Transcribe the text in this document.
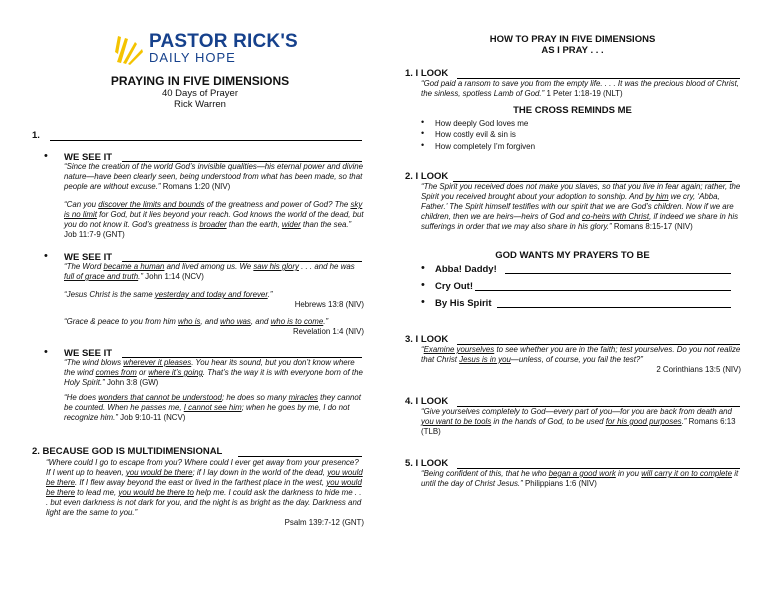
PASTOR RICK'S
DAILY HOPE
PRAYING IN FIVE DIMENSIONS
40 Days of Prayer
Rick Warren
1.
• WE SEE IT
“Since the creation of the world God’s invisible qualities—his eternal power and divine nature—have been clearly seen, being understood from what has been made, so that people are without excuse.” Romans 1:20 (NIV)
“Can you discover the limits and bounds of the greatness and power of God? The sky is no limit for God, but it lies beyond your reach. God knows the world of the dead, but you do not know it. God’s greatness is broader than the earth, wider than the sea.” Job 11:7-9 (GNT)
• WE SEE IT
“The Word became a human and lived among us. We saw his glory . . . and he was full of grace and truth.” John 1:14 (NCV)
“Jesus Christ is the same yesterday and today and forever.”
Hebrews 13:8 (NIV)
“Grace & peace to you from him who is, and who was, and who is to come.”
Revelation 1:4 (NIV)
• WE SEE IT
“The wind blows wherever it pleases. You hear its sound, but you don’t know where the wind comes from or where it’s going. That’s the way it is with everyone born of the Holy Spirit.” John 3:8 (GW)
“He does wonders that cannot be understood; he does so many miracles they cannot be counted. When he passes me, I cannot see him; when he goes by me, I do not recognize him.” Job 9:10-11 (NCV)
2. BECAUSE GOD IS MULTIDIMENSIONAL
“Where could I go to escape from you? Where could I ever get away from your presence? If I went up to heaven, you would be there; if I lay down in the world of the dead, you would be there. If I flew away beyond the east or lived in the farthest place in the west, you would be there to lead me, you would be there to help me. I could ask the darkness to hide me . . . but even darkness is not dark for you, and the night is as bright as the day. Darkness and light are the same to you.”
Psalm 139:7-12 (GNT)
HOW TO PRAY IN FIVE DIMENSIONS
AS I PRAY . . .
1. I LOOK
“God paid a ransom to save you from the empty life. . . . It was the precious blood of Christ, the sinless, spotless Lamb of God.” 1 Peter 1:18-19 (NLT)
THE CROSS REMINDS ME
• How deeply God loves me
• How costly evil & sin is
• How completely I’m forgiven
2. I LOOK
“The Spirit you received does not make you slaves, so that you live in fear again; rather, the Spirit you received brought about your adoption to sonship. And by him we cry, ‘Abba, Father.’ The Spirit himself testifies with our spirit that we are God’s children. Now if we are children, then we are heirs—heirs of God and co-heirs with Christ, if indeed we share in his sufferings in order that we may also share in his glory.” Romans 8:15-17 (NIV)
GOD WANTS MY PRAYERS TO BE
• Abba! Daddy!
• Cry Out!
• By His Spirit
3. I LOOK
“Examine yourselves to see whether you are in the faith; test yourselves. Do you not realize that Christ Jesus is in you—unless, of course, you fail the test?”
2 Corinthians 13:5 (NIV)
4. I LOOK
“Give yourselves completely to God—every part of you—for you are back from death and you want to be tools in the hands of God, to be used for his good purposes.” Romans 6:13 (TLB)
5. I LOOK
“Being confident of this, that he who began a good work in you will carry it on to complete it until the day of Christ Jesus.” Philippians 1:6 (NIV)
